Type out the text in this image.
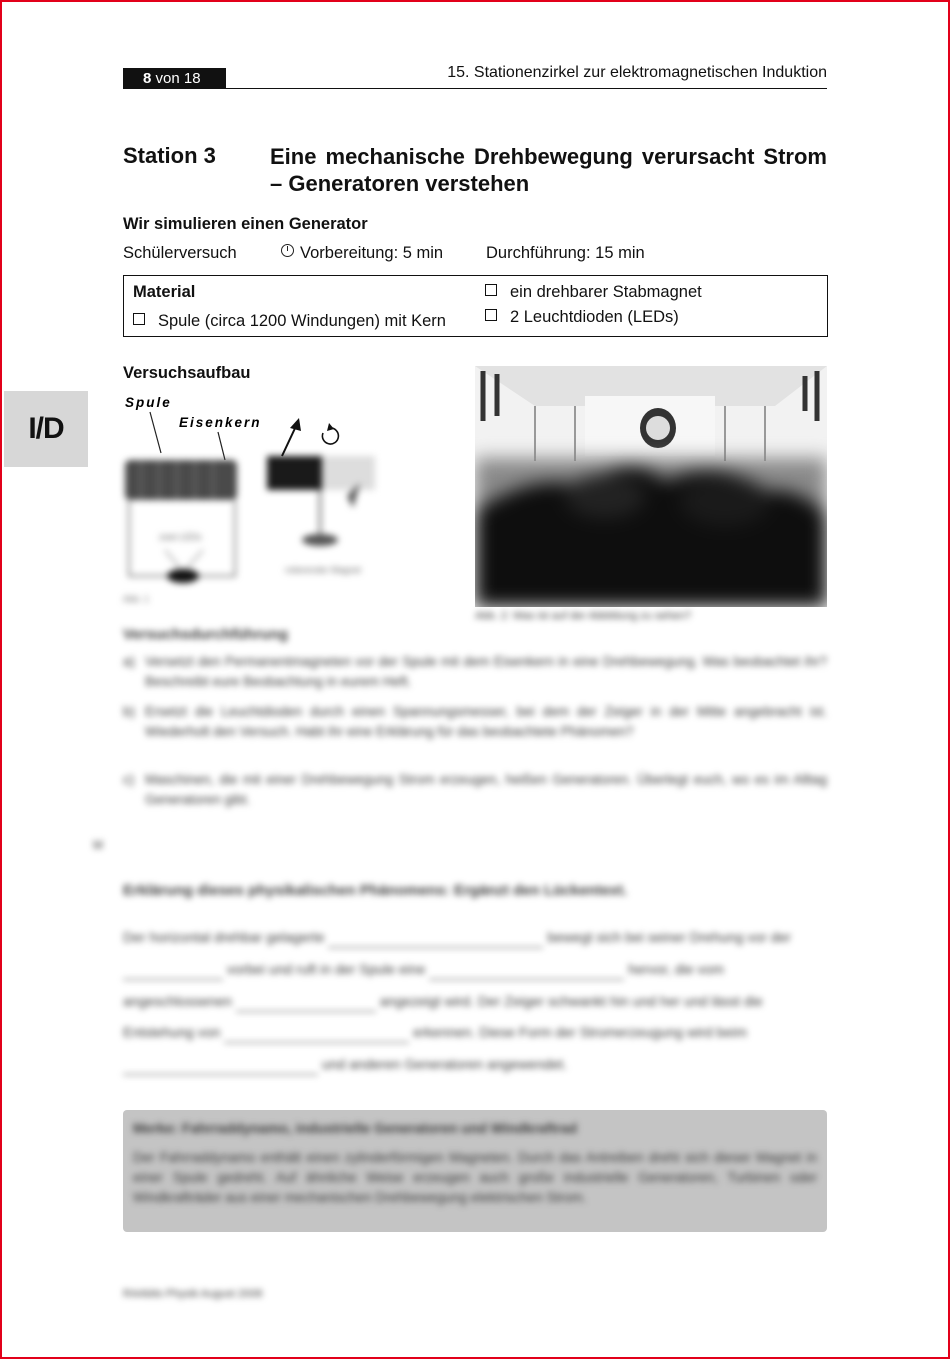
8 von 18	15. Stationenzirkel zur elektromagnetischen Induktion
I/D
Station 3 Eine mechanische Drehbewegung verursacht Strom – Generatoren verstehen
Wir simulieren einen Generator
Schülerversuch	Vorbereitung: 5 min	Durchführung: 15 min
Material
Spule (circa 1200 Windungen) mit Kern
ein drehbarer Stabmagnet
2 Leuchtdioden (LEDs)
Versuchsaufbau
Spule
Eisenkern
zwei LEDs
rotierender Magnet
Abb. 1
Abb. 2: Was ist auf der Abbildung zu sehen?
Versuchsdurchführung
a) Versetzt den Permanentmagneten vor der Spule mit dem Eisenkern in eine Drehbewegung. Was beobachtet ihr? Beschreibt eure Beobachtung in eurem Heft.
b) Ersetzt die Leuchtdioden durch einen Spannungsmesser, bei dem der Zeiger in der Mitte angebracht ist. Wiederholt den Versuch. Habt ihr eine Erklärung für das beobachtete Phänomen?
c) Maschinen, die mit einer Drehbewegung Strom erzeugen, heißen Generatoren. Überlegt euch, wo es im Alltag Generatoren gibt.
M
Erklärung dieses physikalischen Phänomens: Ergänzt den Lückentext.
Der horizontal drehbar gelagerte	bewegt sich bei seiner Drehung vor der  vorbei und ruft in der Spule eine	hervor, die vom angeschlossenen	angezeigt wird. Der Zeiger schwankt hin und her und lässt die Entstehung von	erkennen. Diese Form der Stromerzeugung wird beim  und anderen Generatoren angewendet.
Merke: Fahrraddynamo, industrielle Generatoren und Windkraftrad
Der Fahrraddynamo enthält einen zylinderförmigen Magneten. Durch das Antreiben dreht sich dieser Magnet in einer Spule gedreht. Auf ähnliche Weise erzeugen auch große industrielle Generatoren, Turbinen oder Windkrafträder aus einer mechanischen Drehbewegung elektrischen Strom.
RAAbits Physik August 2008
